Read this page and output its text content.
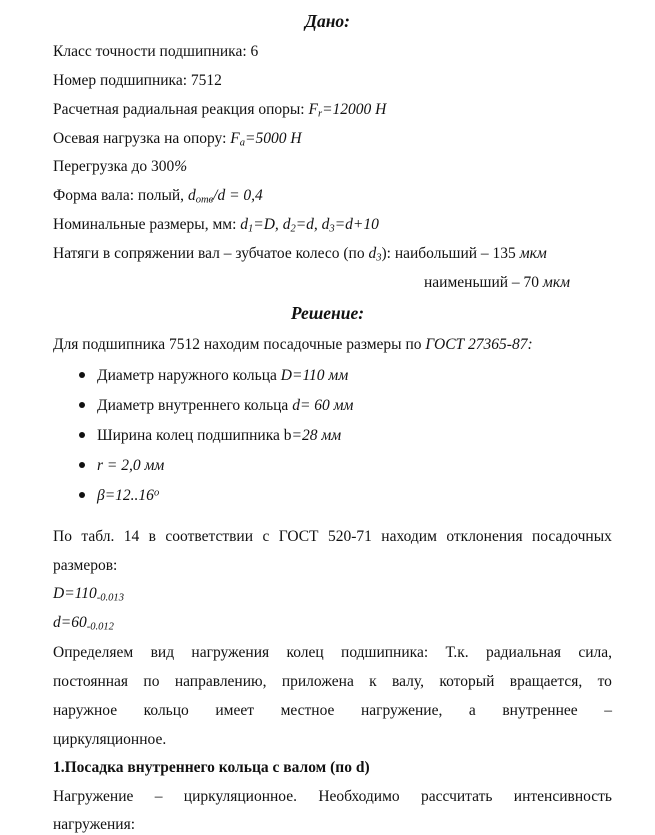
Дано:
Класс точности подшипника: 6
Номер подшипника: 7512
Расчетная радиальная реакция опоры: $F_r=12000$ Н
Осевая нагрузка на опору: $F_a=5000$ Н
Перегрузка до 300%
Форма вала: полый, $d_{отв}/d = 0,4$
Номинальные размеры, мм: $d_1=D$, $d_2=d$, $d_3=d+10$
Натяги в сопряжении вал – зубчатое колесо (по $d_3$): наибольший – 135 мкм
наименьший – 70 мкм
Решение:
Для подшипника 7512 находим посадочные размеры по ГОСТ 27365-87:
Диаметр наружного кольца D=110 мм
Диаметр внутреннего кольца d= 60 мм
Ширина колец подшипника b=28 мм
r = 2,0 мм
$\beta=12..16^о$
По табл. 14 в соответствии с ГОСТ 520-71 находим отклонения посадочных
размеров:
$D=110_{-0.013}$
$d=60_{-0.012}$
Определяем вид нагружения колец подшипника: Т.к. радиальная сила,
постоянная по направлению, приложена к валу, который вращается, то
наружное кольцо имеет местное нагружение, а внутреннее –
циркуляционное.
1.Посадка внутреннего кольца с валом (по d)
Нагружение – циркуляционное. Необходимо рассчитать интенсивность
нагружения:
